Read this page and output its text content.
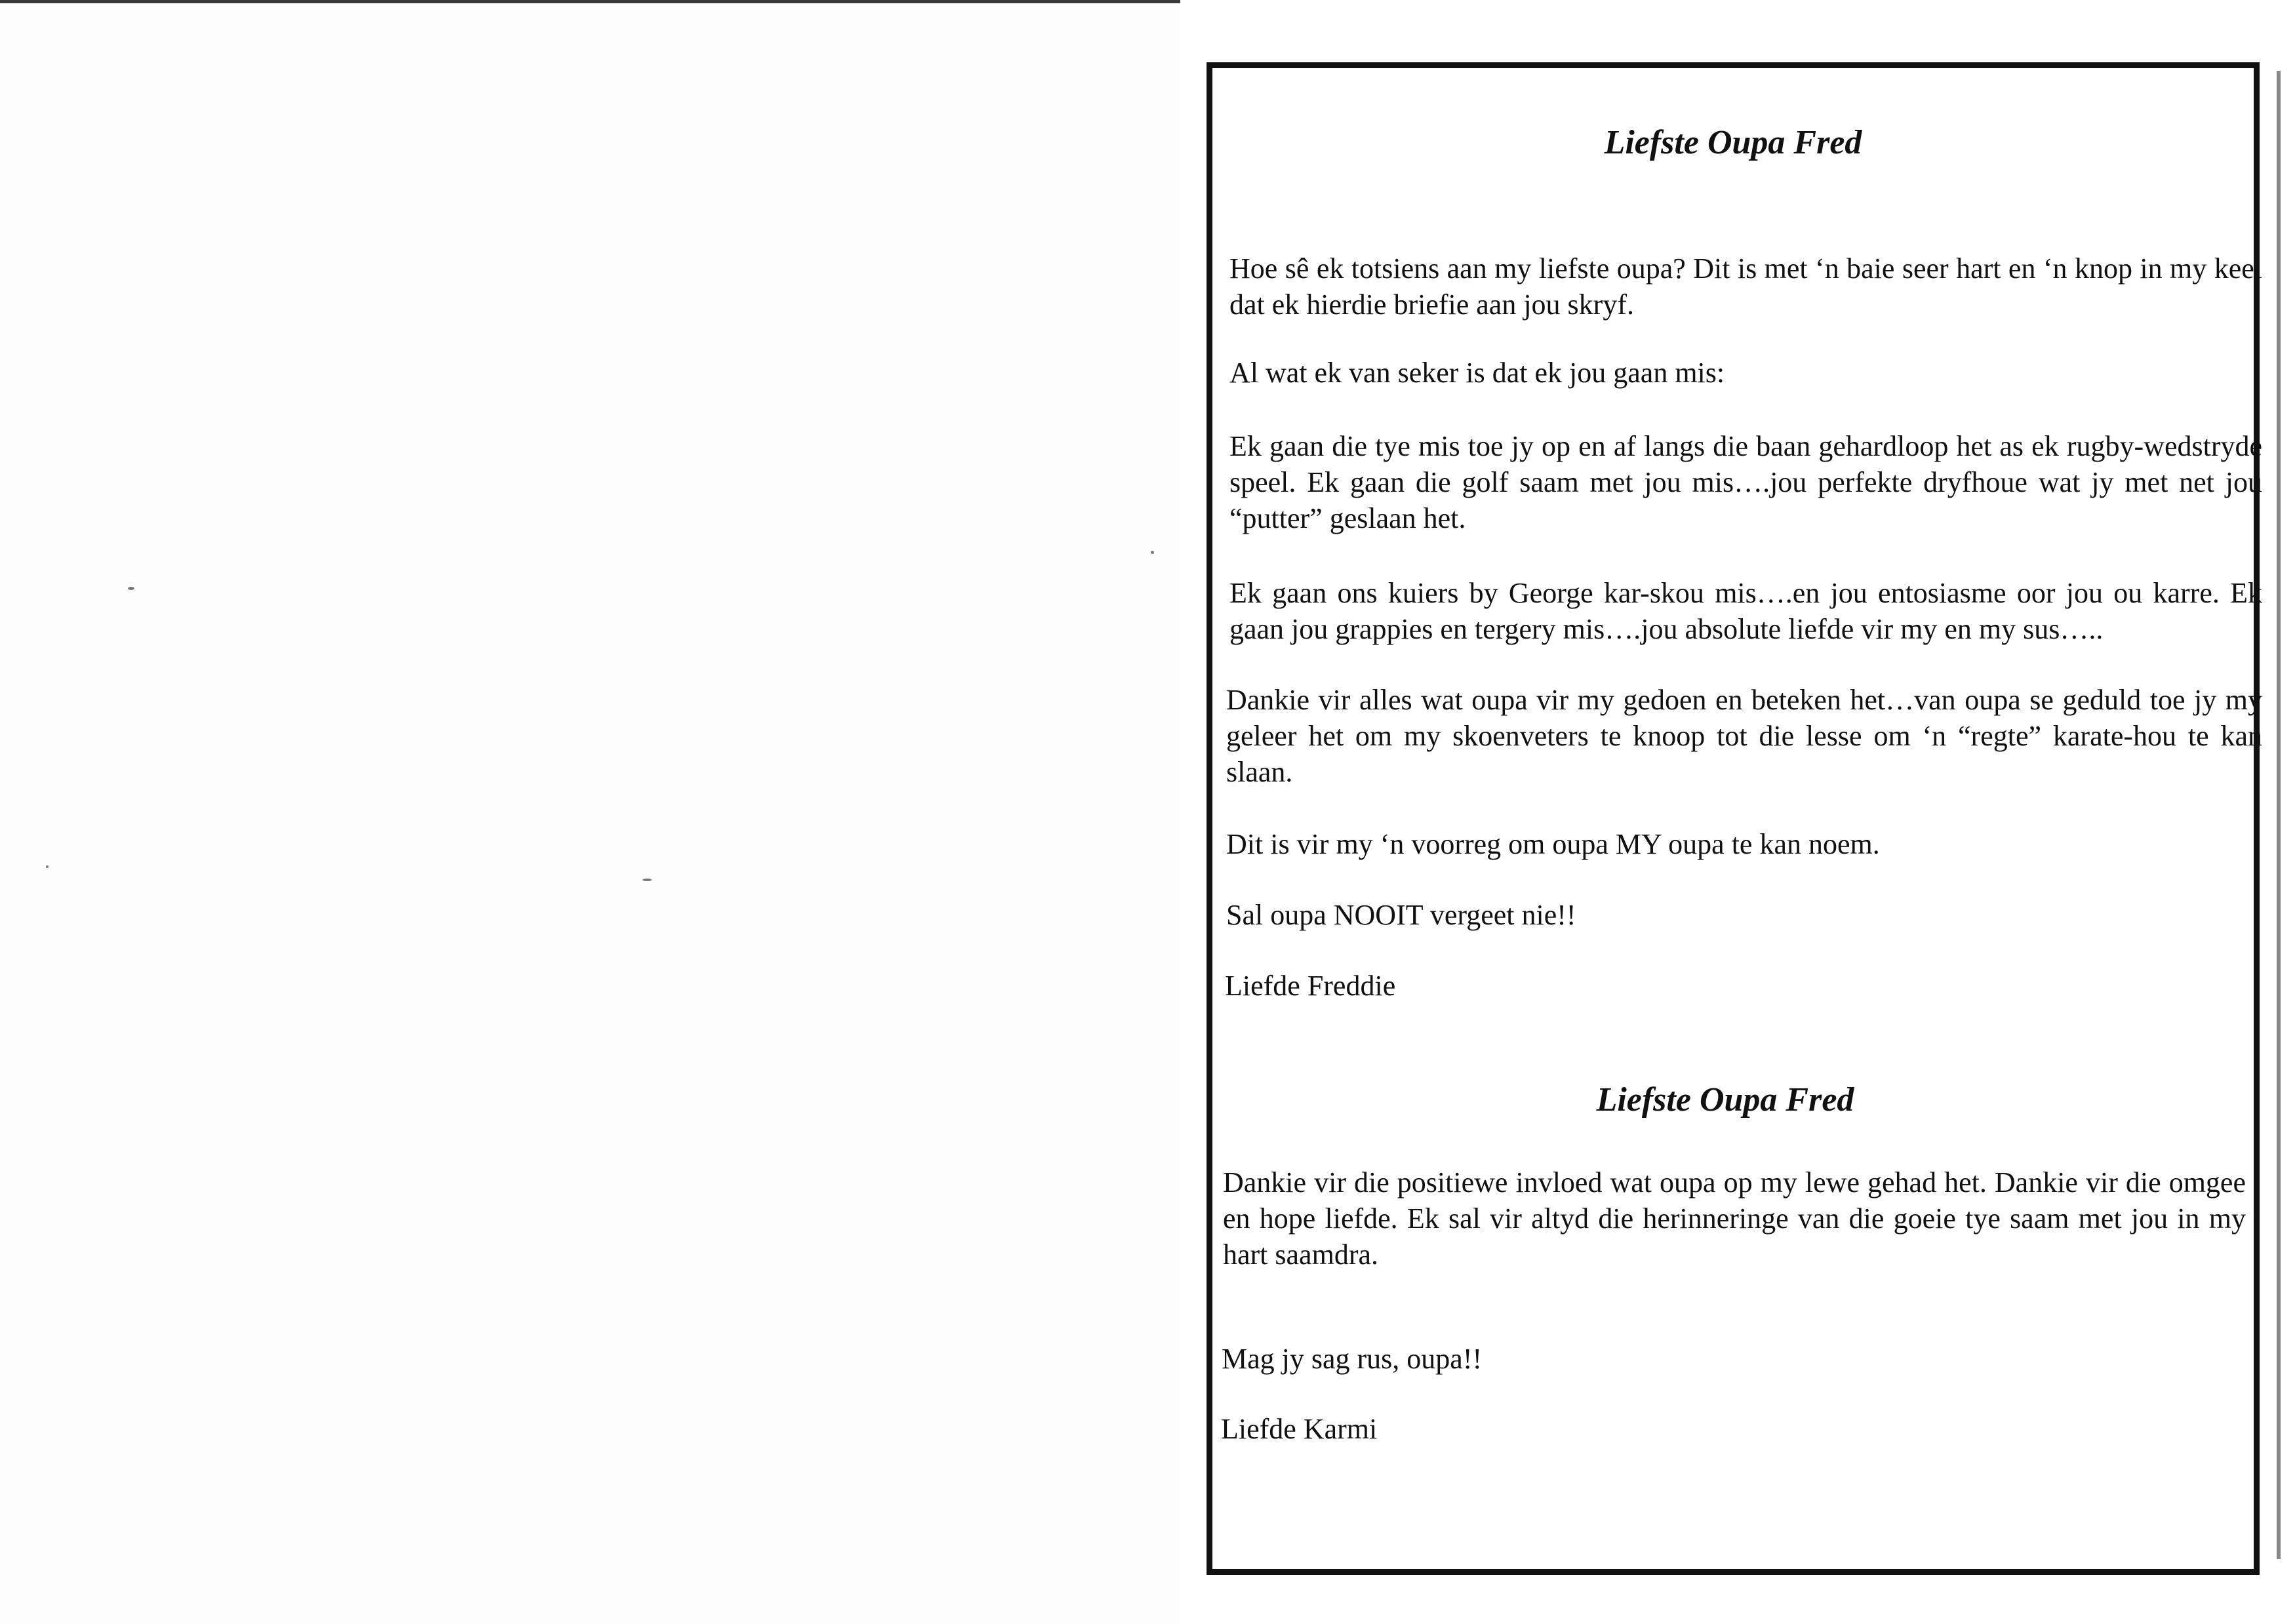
Liefste Oupa Fred
Hoe sê ek totsiens aan my liefste oupa? Dit is met ‘n baie seer hart en ‘n knop in my keel dat ek hierdie briefie aan jou skryf.
Al wat ek van seker is dat ek jou gaan mis:
Ek gaan die tye mis toe jy op en af langs die baan gehardloop het as ek rugby-wedstryde speel. Ek gaan die golf saam met jou mis….jou perfekte dryfhoue wat jy met net jou “putter” geslaan het.
Ek gaan ons kuiers by George kar-skou mis….en jou entosiasme oor jou ou karre. Ek gaan jou grappies en tergery mis….jou absolute liefde vir my en my sus…..
Dankie vir alles wat oupa vir my gedoen en beteken het…van oupa se geduld toe jy my geleer het om my skoenveters te knoop tot die lesse om ‘n “regte” karate-hou te kan slaan.
Dit is vir my ‘n voorreg om oupa MY oupa te kan noem.
Sal oupa NOOIT vergeet nie!!
Liefde Freddie
Liefste Oupa Fred
Dankie vir die positiewe invloed wat oupa op my lewe gehad het. Dankie vir die omgee en hope liefde. Ek sal vir altyd die herinneringe van die goeie tye saam met jou in my hart saamdra.
Mag jy sag rus, oupa!!
Liefde Karmi
